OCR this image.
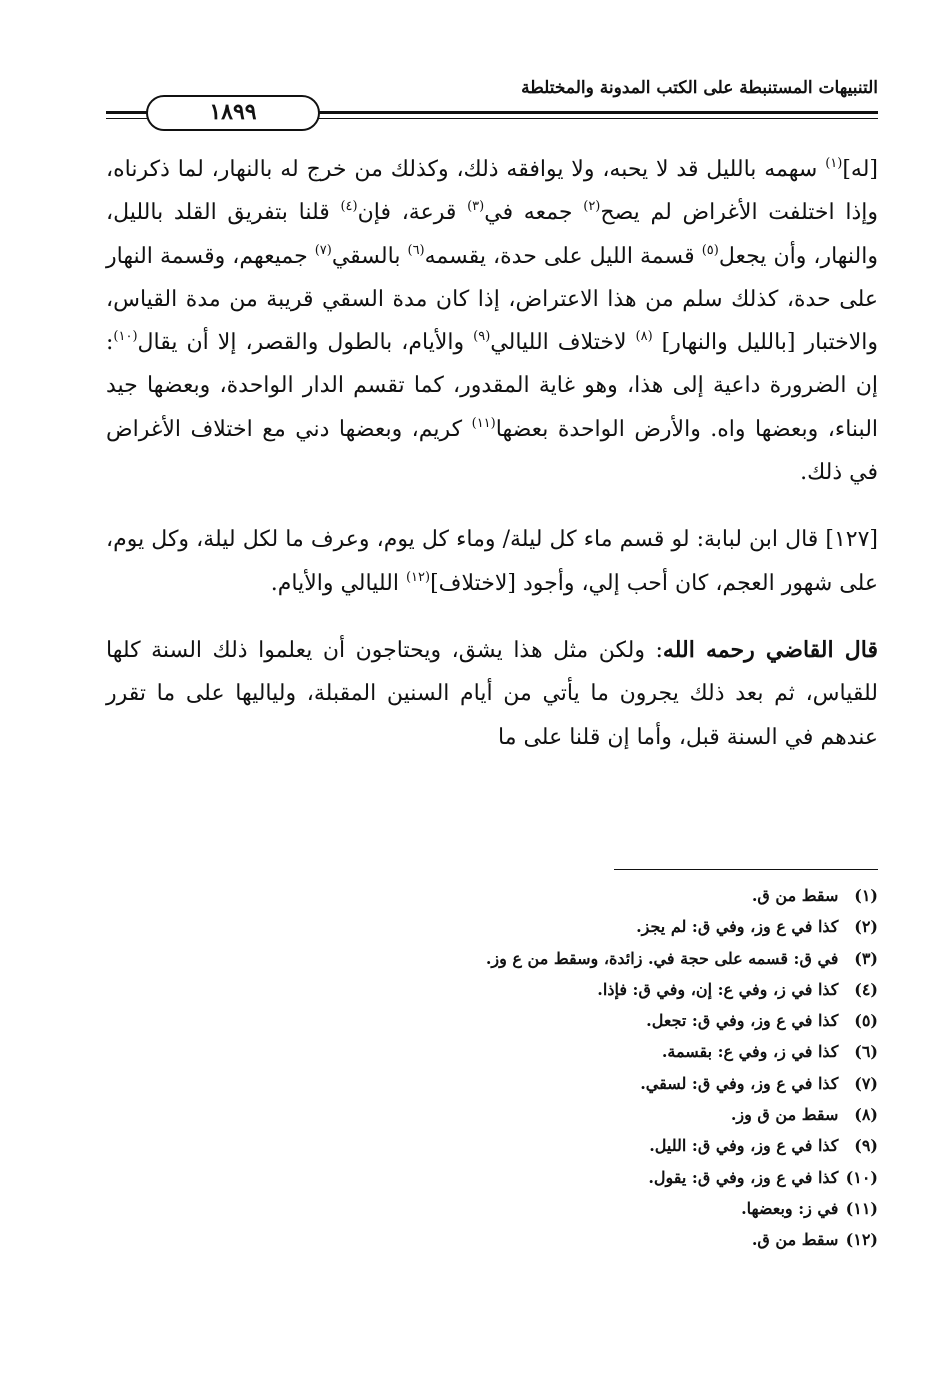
التنبيهات المستنبطة على الكتب المدونة والمختلطة
١٨٩٩

[له]$^{(١)}$ سهمه بالليل قد لا يحبه، ولا يوافقه ذلك، وكذلك من خرج له بالنهار، لما ذكرناه، وإذا اختلفت الأغراض لم يصح$^{(٢)}$ جمعه في$^{(٣)}$ قرعة، فإن$^{(٤)}$ قلنا بتفريق القلد بالليل، والنهار، وأن يجعل$^{(٥)}$ قسمة الليل على حدة، يقسمه$^{(٦)}$ بالسقي$^{(٧)}$ جميعهم، وقسمة النهار على حدة، كذلك سلم من هذا الاعتراض، إذا كان مدة السقي قريبة من مدة القياس، والاختبار [بالليل والنهار] $^{(٨)}$ لاختلاف الليالي$^{(٩)}$ والأيام، بالطول والقصر، إلا أن يقال$^{(١٠)}$: إن الضرورة داعية إلى هذا، وهو غاية المقدور، كما تقسم الدار الواحدة، وبعضها جيد البناء، وبعضها واه. والأرض الواحدة بعضها$^{(١١)}$ كريم، وبعضها دني مع اختلاف الأغراض في ذلك.

[١٢٧] قال ابن لبابة: لو قسم ماء كل ليلة/ وماء كل يوم، وعرف ما لكل ليلة، وكل يوم، على شهور العجم، كان أحب إلي، وأجود [لاختلاف]$^{(١٢)}$ الليالي والأيام.

قال القاضي رحمه الله: ولكن مثل هذا يشق، ويحتاجون أن يعلموا ذلك السنة كلها للقياس، ثم بعد ذلك يجرون ما يأتي من أيام السنين المقبلة، ولياليها على ما تقرر عندهم في السنة قبل، وأما إن قلنا على ما

(١) سقط من ق.
(٢) كذا في ع وز، وفي ق: لم يجز.
(٣) في ق: قسمه على حجة في. زائدة، وسقط من ع وز.
(٤) كذا في ز، وفي ع: إن، وفي ق: فإذا.
(٥) كذا في ع وز، وفي ق: تجعل.
(٦) كذا في ز، وفي ع: بقسمة.
(٧) كذا في ع وز، وفي ق: لسقي.
(٨) سقط من ق وز.
(٩) كذا في ع وز، وفي ق: الليل.
(١٠) كذا في ع وز، وفي ق: يقول.
(١١) في ز: وبعضها.
(١٢) سقط من ق.
